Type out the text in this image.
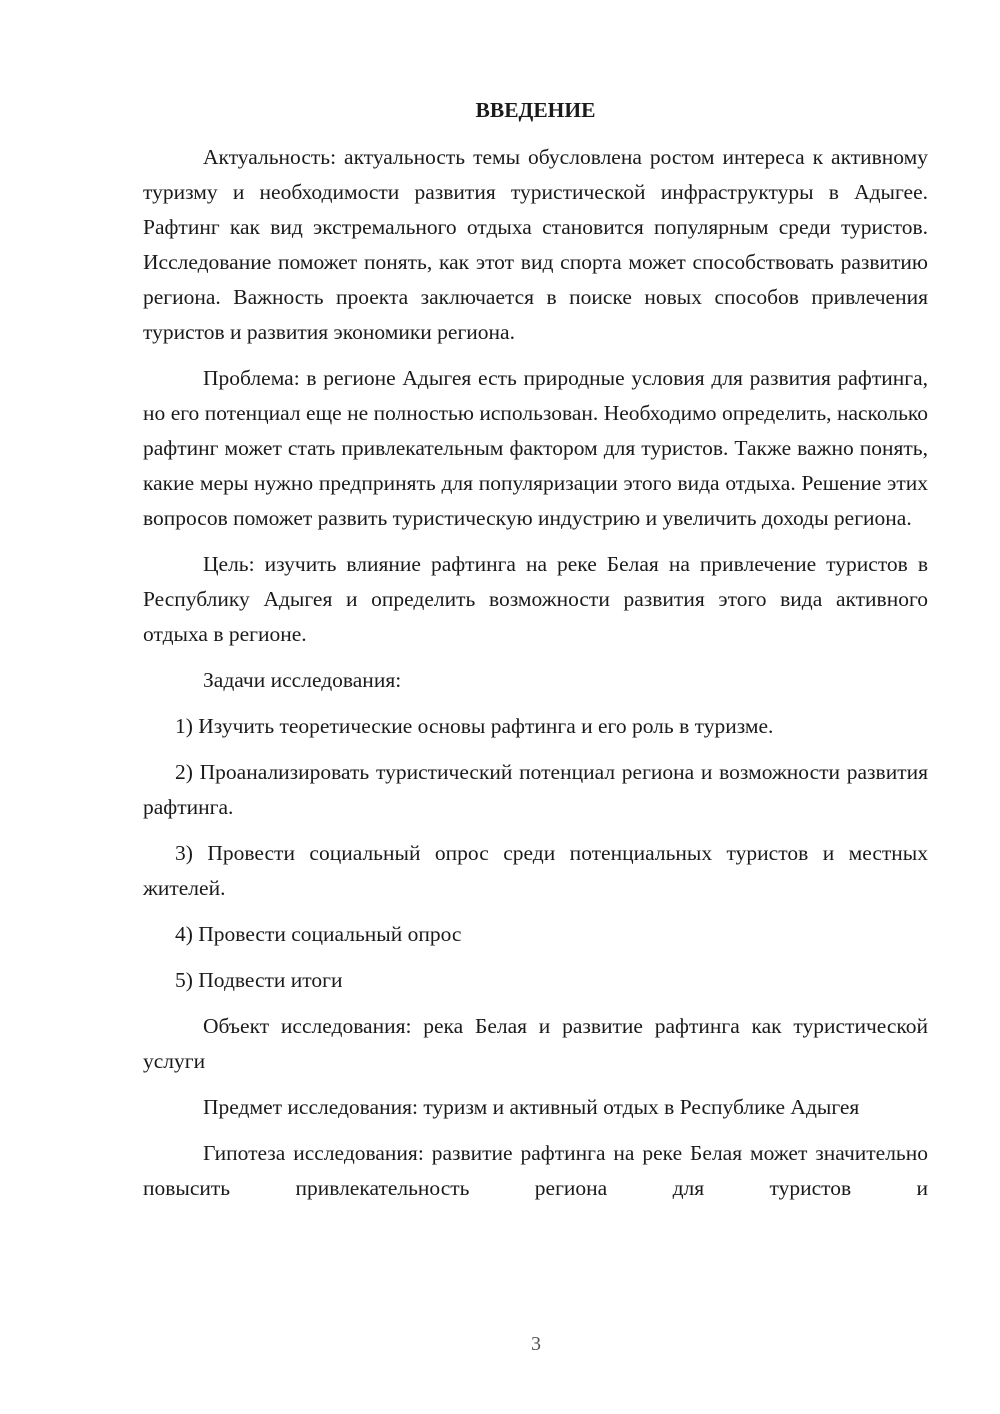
ВВЕДЕНИЕ

Актуальность: актуальность темы обусловлена ростом интереса к активному туризму и необходимости развития туристической инфраструктуры в Адыгее. Рафтинг как вид экстремального отдыха становится популярным среди туристов. Исследование поможет понять, как этот вид спорта может способствовать развитию региона. Важность проекта заключается в поиске новых способов привлечения туристов и развития экономики региона.

Проблема: в регионе Адыгея есть природные условия для развития рафтинга, но его потенциал еще не полностью использован. Необходимо определить, насколько рафтинг может стать привлекательным фактором для туристов. Также важно понять, какие меры нужно предпринять для популяризации этого вида отдыха. Решение этих вопросов поможет развить туристическую индустрию и увеличить доходы региона.

Цель: изучить влияние рафтинга на реке Белая на привлечение туристов в Республику Адыгея и определить возможности развития этого вида активного отдыха в регионе.

Задачи исследования:

1) Изучить теоретические основы рафтинга и его роль в туризме.

2) Проанализировать туристический потенциал региона и возможности развития рафтинга.

3) Провести социальный опрос среди потенциальных туристов и местных жителей.

4) Провести социальный опрос

5) Подвести итоги

Объект исследования: река Белая и развитие рафтинга как туристической услуги

Предмет исследования: туризм и активный отдых в Республике Адыгея

Гипотеза исследования: развитие рафтинга на реке Белая может значительно повысить привлекательность региона для туристов и

3
